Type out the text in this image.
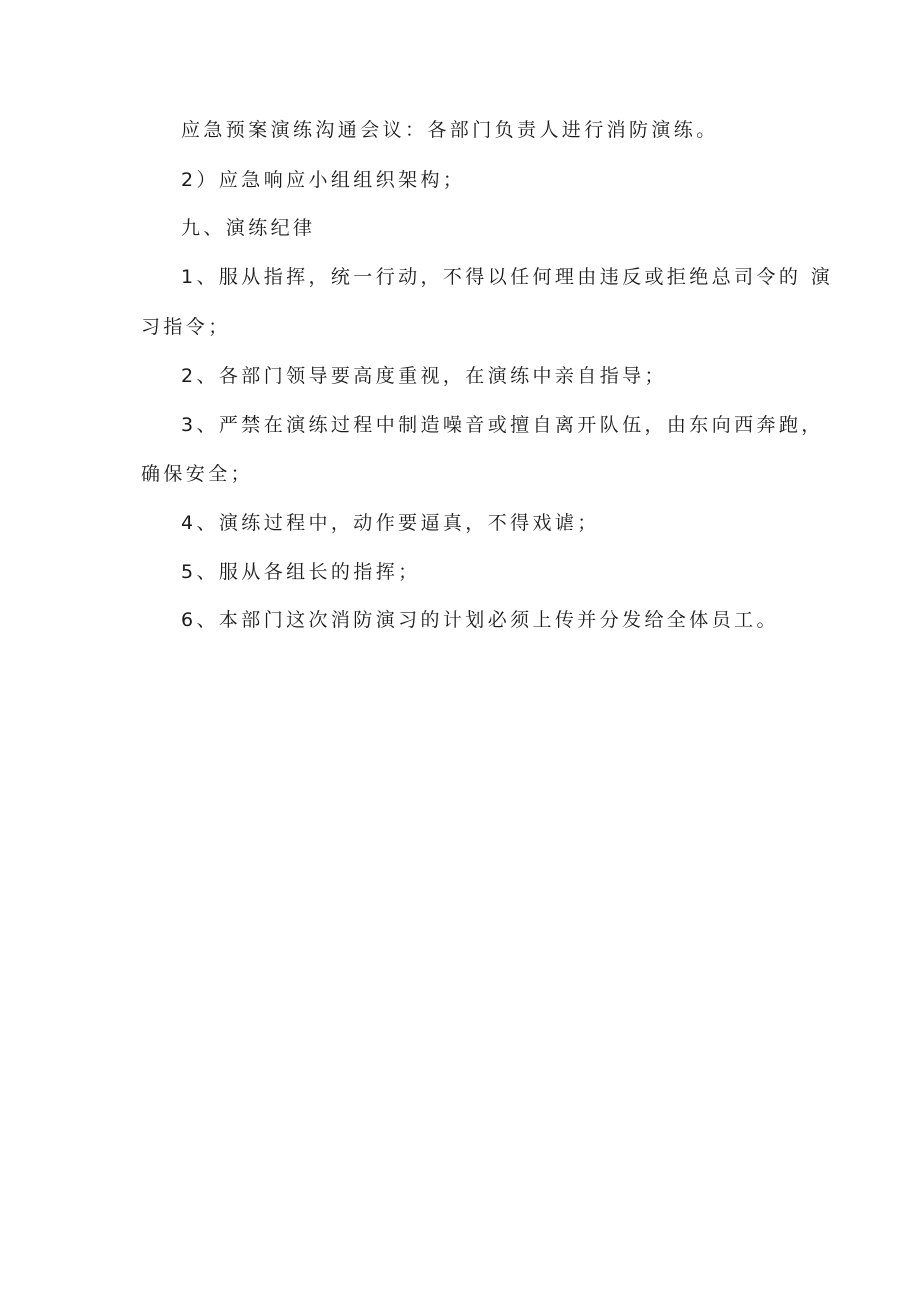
应急预案演练沟通会议：各部门负责人进行消防演练。
2）应急响应小组组织架构；
九、演练纪律
1、服从指挥，统一行动，不得以任何理由违反或拒绝总司令的 演
习指令；
2、各部门领导要高度重视，在演练中亲自指导；
3、严禁在演练过程中制造噪音或擅自离开队伍，由东向西奔跑，
确保安全；
4、演练过程中，动作要逼真，不得戏谑；
5、服从各组长的指挥；
6、本部门这次消防演习的计划必须上传并分发给全体员工。
